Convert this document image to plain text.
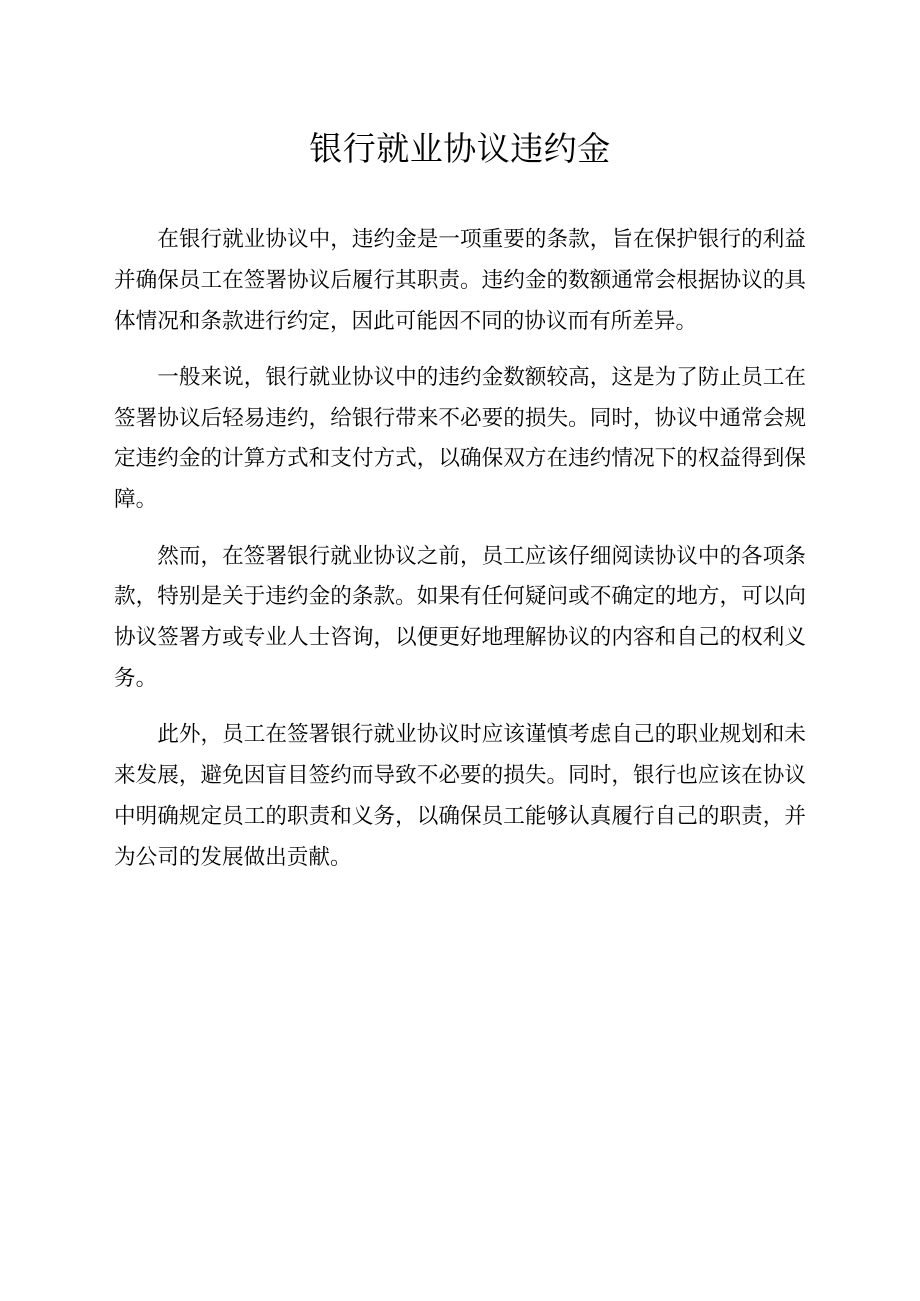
银行就业协议违约金

在银行就业协议中，违约金是一项重要的条款，旨在保护银行的利益并确保员工在签署协议后履行其职责。违约金的数额通常会根据协议的具体情况和条款进行约定，因此可能因不同的协议而有所差异。

一般来说，银行就业协议中的违约金数额较高，这是为了防止员工在签署协议后轻易违约，给银行带来不必要的损失。同时，协议中通常会规定违约金的计算方式和支付方式，以确保双方在违约情况下的权益得到保障。

然而，在签署银行就业协议之前，员工应该仔细阅读协议中的各项条款，特别是关于违约金的条款。如果有任何疑问或不确定的地方，可以向协议签署方或专业人士咨询，以便更好地理解协议的内容和自己的权利义务。

此外，员工在签署银行就业协议时应该谨慎考虑自己的职业规划和未来发展，避免因盲目签约而导致不必要的损失。同时，银行也应该在协议中明确规定员工的职责和义务，以确保员工能够认真履行自己的职责，并为公司的发展做出贡献。
